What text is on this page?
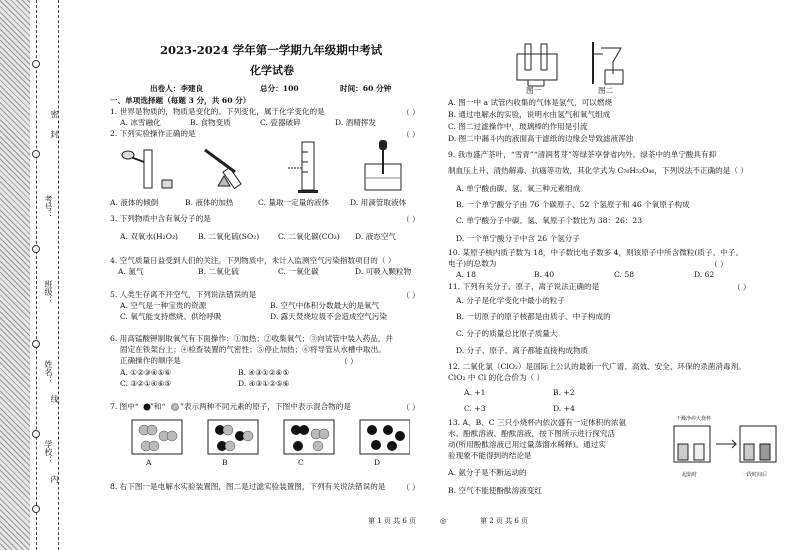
学校：
姓名：
班级：
考号：
密
封
线
内
2023-2024 学年第一学期九年级期中考试
化学试卷
出卷人：李建良	总分：100	时间：60 分钟
一、单项选择题（每题 3 分，共 60 分）
1. 世界是物质的，物质是变化的。下列变化，属于化学变化的是	（ ）
A. 冰雪融化	B. 食物变质	C. 瓷器破碎	D. 酒精挥发
2. 下列实验操作正确的是	（ ）
A. 液体的倾倒	B. 液体的加热	C. 量取一定量的液体	D. 用滴管取液体
3. 下列物质中含有氧分子的是	（ ）
A. 双氧水(H₂O₂)	B. 二氧化硫(SO₂) C. 二氧化碳(CO₂) D. 液态空气
4. 空气质量日益受到人们的关注。下列物质中，未计入监测空气污染指数项目的（ ）
A. 氮气	B. 二氧化硫	C. 一氧化碳	D. 可吸入颗粒物
5. 人类生存离不开空气，下列说法错误的是	（ ）
A. 空气是一种宝贵的资源	B. 空气中体积分数最大的是氧气
C. 氧气能支持燃烧、供给呼吸	D. 露天焚烧垃圾不会造成空气污染
6. 用高锰酸钾制取氧气有下面操作：①加热；②收集氧气；③向试管中装入药品，并
固定在铁架台上；④检查装置的气密性；⑤停止加热；⑥将导管从水槽中取出。
正确操作的顺序是	（ ）
A. ①②③④⑤⑥	B. ④③①②⑥⑤
C. ③②①④⑥⑤	D. ④③①②⑤⑥
7. 图中“ ”和“ ”表示两种不同元素的原子，下图中表示混合物的是	（ ）
A	B	C	D
8. 右下图一是电解水实验装置图，图二是过滤实验装置图，下列有关说法错误的是 （ ）
第 1 页 共 6 页	◎
图一	图二
A. 图一中 a 试管内收集的气体是氢气，可以燃烧
B. 通过电解水的实验，说明水由氢气和氧气组成
C. 图二过滤操作中，玻璃棒的作用是引流
D. 图二中漏斗内的液面高于滤纸的边缘会导致滤液浑浊
9. 我市盛产茶叶，“雪青”“清润茗芽”等绿茶享誉省内外。绿茶中的单宁酸具有抑
制血压上升、清热解毒、抗癌等功效，其化学式为 C₇₆H₅₂O₄₆，下列说法不正确的是（ ）
A. 单宁酸由碳、氢、氧三种元素组成
B. 一个单宁酸分子由 76 个碳原子、52 个氢原子和 46 个氧原子构成
C. 单宁酸分子中碳、氢、氧原子个数比为 38：26：23
D. 一个单宁酸分子中含 26 个氢分子
10. 某原子核内质子数为 18，中子数比电子数多 4，则该原子中所含微粒(质子、中子、
电子)的总数为	（ ）
A. 18	B. 40	C. 58	D. 62
11. 下列有关分子、原子、离子说法正确的是	（ ）
A. 分子是化学变化中最小的粒子
B. 一切原子的原子核都是由质子、中子构成的
C. 分子的质量总比原子质量大
D. 分子、原子、离子都能直接构成物质
12. 二氧化氯（ClO₂）是国际上公认的最新一代广谱、高效、安全、环保的杀菌消毒剂。
ClO₂ 中 Cl 的化合价为（ ）
A. +1	B. +2
C. +3	D. +4
13. A、B、C 三只小烧杯内依次盛有一定体积的浓氨
水、酚酞溶液、酚酞溶液，按下图所示进行探究活
动(所用酚酞溶液已用过量蒸馏水稀释)。通过实
验现象不能得到的结论是
干燥净停大烧杯
起始时	一段时间后
A. 氨分子是不断运动的
B. 空气不能使酚酞溶液变红
第 2 页 共 6 页
